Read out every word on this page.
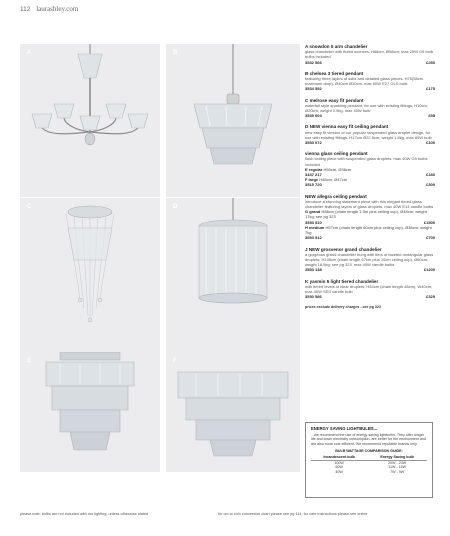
112 laurashley.com
A	B
C	D
E	F
A snowdon 5 arm chandelier
glass chandelier with fluted sconces. H68cm, Ø58cm; max 25W G9 bulb. bulbs included
3532 566	£250
B chelsea 3 tiered pendant
featuring three layers of solid and detailed glass pieces. H75(58cm maximum drop), Ø40cm Ø30cm. max 60W E27 GLS bulb.
3534 552	£175
C melrose easy fit pendant
waterfall style sparkling pendant; for use with existing fittings; H10cm, Ø20cm; weight 0.9kg. max 40W bulb
3535 004	£95
D NEW vienna easy fit ceiling pendant
new easy fit version of our popular suspended glass droplet design, for use with existing fittings. H17cm Ø22.5cm; weight 1.8kg. max 60W bulb
3553 072	£100
vienna glass ceiling pendant
flush ceiling piece with suspended glass droplets. max 40W G9 bulbs included
E regular H50cm, Ø38cm
3437 217	£180
F large H48cm, Ø47cm
3515 720	£300
NEW allegra ceiling pendant
introduce a stunning statement piece with this elegant tiered glass chandelier featuring layers of glass droplets. max 40W E14 candle bulbs
G grand H86cm (chain length 1.5m plus ceiling cup), Ø48cm; weight 17kg; see pg 323
3553 510	£1500
H medium H57cm (chain length 60cm plus ceiling cup), Ø38cm; weight 7kg
3553 512	£700
J NEW grosvenor grand chandelier
a gorgeous grand chandelier hung with tiers of faceted rectangular glass droplets; H105cm (chain length 67cm plus 10cm ceiling cup), Ø80cm; weight 18.5kg; see pg 323. max 40W candle bulbs
3553 138	£1200
K yasmin 5 light tiered chandelier
with tiered levels of clear droplets; H54cm (chain length 48cm), W40cm; max 40W SES candle bulb
3530 586	£325
prices exclude delivery charges - see pg 323
ENERGY SAVING LIGHTBULBS...
...we recommend the use of energy saving lightbulbs. They offer longer life and lower electricity consumption, are better for the environment and are also more cost efficient. We recommend reputable brands only.
BULB WATTAGE COMPARISON GUIDE:
Incandescent bulb	Energy Saving bulb
100W	20W - 23W
60W	11W - 15W
40W	7W - 9W
please note: bulbs are not included with our lighting, unless otherwise stated	for cm to inch conversion chart please see pg 114; for care instructions please see online
